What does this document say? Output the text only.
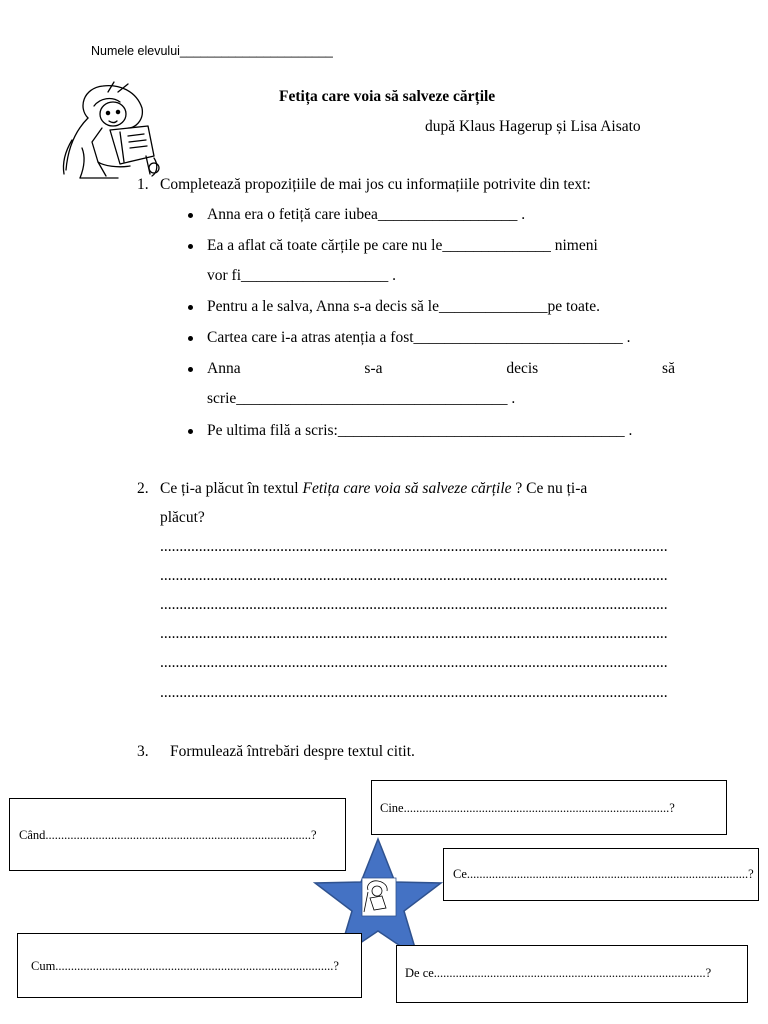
Numele elevului______________________
Fetița care voia să salveze cărțile
după Klaus Hagerup și Lisa Aisato
1. Completează propozițiile de mai jos cu informațiile potrivite din text:
Anna era o fetiță care iubea__________________ .
Ea a aflat că toate cărțile pe care nu le______________ nimeni
vor fi___________________ .
Pentru a le salva, Anna s-a decis să le______________pe toate.
Cartea care i-a atras atenția a fost___________________________ .
Anna	s-a	decis	să
scrie___________________________________ .
Pe ultima filă a scris:_____________________________________ .
2. Ce ți-a plăcut în textul Fetița care voia să salveze cărțile ? Ce nu ți-a
plăcut?
...................................................................................................................................
...................................................................................................................................
...................................................................................................................................
...................................................................................................................................
...................................................................................................................................
...................................................................................................................................
3. Formulează întrebări despre textul citit.
Când.....................................................................................?
Cine.....................................................................................?
Ce..........................................................................................?
Cum.........................................................................................?	De ce.......................................................................................?
